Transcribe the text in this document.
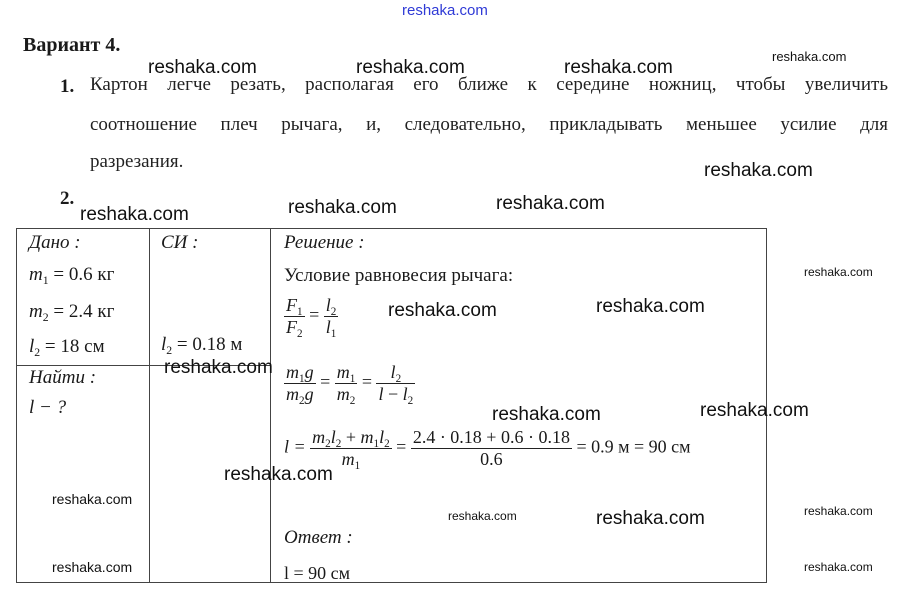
reshaka.com
Вариант 4.
1. Картон легче резать, располагая его ближе к середине ножниц, чтобы увеличить
соотношение плеч рычага, и, следовательно, прикладывать меньшее усилие для
разрезания.
2.
Дано :
$m_1 = 0.6$ кг
$m_2 = 2.4$ кг
$l_2 = 18$ см
Найти :
l − ?
СИ :
$l_2 = 0.18$ м
Решение :
Условие равновесия рычага:
$\frac{F_1}{F_2} = \frac{l_2}{l_1}$
$\frac{m_1g}{m_2g} = \frac{m_1}{m_2} = \frac{l_2}{l - l_2}$
$l = \frac{m_2l_2 + m_1l_2}{m_1} = \frac{2.4 \cdot 0.18 + 0.6 \cdot 0.18}{0.6} = 0.9$ м = 90 см
Ответ :
l = 90 см
reshaka.com	reshaka.com	reshaka.com
reshaka.com
reshaka.com
reshaka.com	reshaka.com	reshaka.com
reshaka.com
reshaka.com	reshaka.com
reshaka.com
reshaka.com	reshaka.com
reshaka.com
reshaka.com
reshaka.com	reshaka.com	reshaka.com
reshaka.com	reshaka.com
